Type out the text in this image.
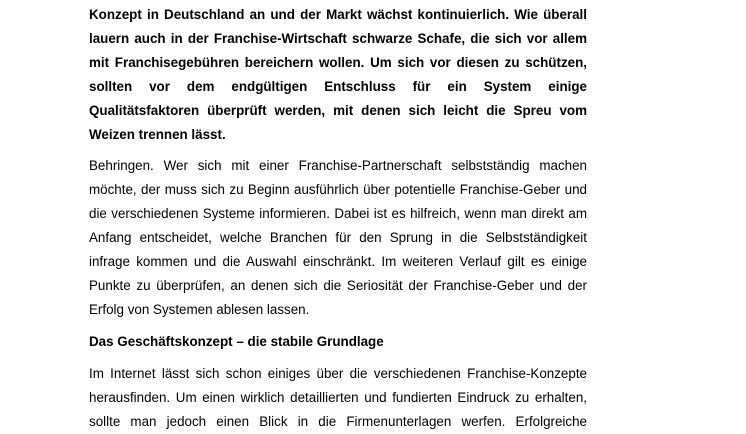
Konzept in Deutschland an und der Markt wächst kontinuierlich. Wie überall lauern auch in der Franchise-Wirtschaft schwarze Schafe, die sich vor allem mit Franchisegebühren bereichern wollen. Um sich vor diesen zu schützen, sollten vor dem endgültigen Entschluss für ein System einige Qualitätsfaktoren überprüft werden, mit denen sich leicht die Spreu vom Weizen trennen lässt.

Behringen. Wer sich mit einer Franchise-Partnerschaft selbstständig machen möchte, der muss sich zu Beginn ausführlich über potentielle Franchise-Geber und die verschiedenen Systeme informieren. Dabei ist es hilfreich, wenn man direkt am Anfang entscheidet, welche Branchen für den Sprung in die Selbstständigkeit infrage kommen und die Auswahl einschränkt. Im weiteren Verlauf gilt es einige Punkte zu überprüfen, an denen sich die Seriosität der Franchise-Geber und der Erfolg von Systemen ablesen lassen.

Das Geschäftskonzept – die stabile Grundlage

Im Internet lässt sich schon einiges über die verschiedenen Franchise-Konzepte herausfinden. Um einen wirklich detaillierten und fundierten Eindruck zu erhalten, sollte man jedoch einen Blick in die Firmenunterlagen werfen. Erfolgreiche
